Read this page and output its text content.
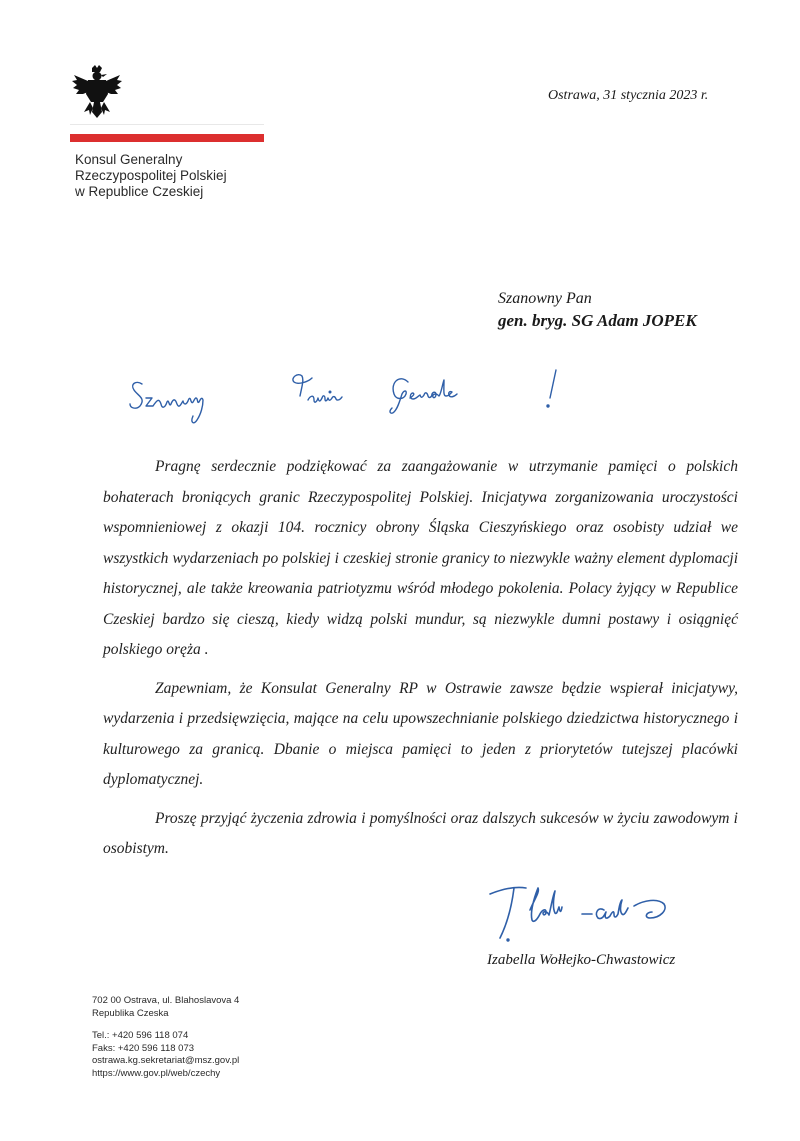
Konsul Generalny
Rzeczypospolitej Polskiej
w Republice Czeskiej
Ostrawa, 31 stycznia 2023 r.
Szanowny Pan
gen. bryg. SG Adam JOPEK

Pragnę serdecznie podziękować za zaangażowanie w utrzymanie pamięci o polskich bohaterach broniących granic Rzeczypospolitej Polskiej. Inicjatywa zorganizowania uroczystości wspomnieniowej z okazji 104. rocznicy obrony Śląska Cieszyńskiego oraz osobisty udział we wszystkich wydarzeniach po polskiej i czeskiej stronie granicy to niezwykle ważny element dyplomacji historycznej, ale także kreowania patriotyzmu wśród młodego pokolenia. Polacy żyjący w Republice Czeskiej bardzo się cieszą, kiedy widzą polski mundur, są niezwykle dumni postawy i osiągnięć polskiego oręża .

Zapewniam, że Konsulat Generalny RP w Ostrawie zawsze będzie wspierał inicjatywy, wydarzenia i przedsięwzięcia, mające na celu upowszechnianie polskiego dziedzictwa historycznego i kulturowego za granicą. Dbanie o miejsca pamięci to jeden z priorytetów tutejszej placówki dyplomatycznej.

Proszę przyjąć życzenia zdrowia i pomyślności oraz dalszych sukcesów w życiu zawodowym i osobistym.

Izabella Wołłejko-Chwastowicz
702 00 Ostrava, ul. Blahoslavova 4
Republika Czeska
Tel.: +420 596 118 074
Faks: +420 596 118 073
ostrawa.kg.sekretariat@msz.gov.pl
https://www.gov.pl/web/czechy
